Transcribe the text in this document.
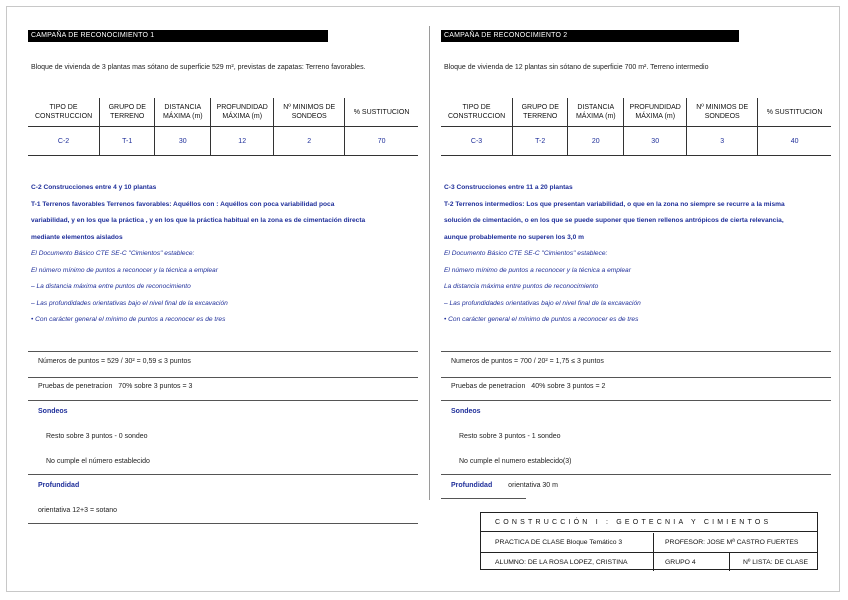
CAMPAÑA DE RECONOCIMIENTO 1
Bloque de vivienda de 3 plantas mas sótano de superficie 529 m², previstas de zapatas: Terreno favorables.
TIPO DE CONSTRUCCION	GRUPO DE TERRENO	DISTANCIA MÁXIMA (m)	PROFUNDIDAD MÁXIMA (m)	Nº MINIMOS DE SONDEOS	% SUSTITUCION
C-2	T-1	30	12	2	70
C-2 Construcciones entre 4 y 10 plantas
T-1 Terrenos favorables Terrenos favorables: Aquéllos con : Aquéllos con poca variabilidad poca
variabilidad, y en los que la práctica , y en los que la práctica habitual en la zona es de cimentación directa
mediante elementos aislados
El Documento Básico CTE SE-C "Cimientos" establece:
El número mínimo de puntos a reconocer y la técnica a emplear
– La distancia máxima entre puntos de reconocimiento
– Las profundidades orientativas bajo el nivel final de la excavación
• Con carácter general el mínimo de puntos a reconocer es de tres
Números de puntos = 529 / 30² = 0,59 ≤ 3 puntos
Pruebas de penetracion 70% sobre 3 puntos = 3
Sondeos
Resto sobre 3 puntos - 0 sondeo
No cumple el número establecido
Profundidad
orientativa 12+3 = sotano
CAMPAÑA DE RECONOCIMIENTO 2
Bloque de vivienda de 12 plantas sin sótano de superficie 700 m². Terreno intermedio
TIPO DE CONSTRUCCION	GRUPO DE TERRENO	DISTANCIA MÁXIMA (m)	PROFUNDIDAD MÁXIMA (m)	Nº MINIMOS DE SONDEOS	% SUSTITUCION
C-3	T-2	20	30	3	40
C-3 Construcciones entre 11 a 20 plantas
T-2 Terrenos intermedios: Los que presentan variabilidad, o que en la zona no siempre se recurre a la misma
solución de cimentación, o en los que se puede suponer que tienen rellenos antrópicos de cierta relevancia,
aunque probablemente no superen los 3,0 m
El Documento Básico CTE SE-C "Cimientos" establece:
El número mínimo de puntos a reconocer y la técnica a emplear
La distancia máxima entre puntos de reconocimiento
– Las profundidades orientativas bajo el nivel final de la excavación
• Con carácter general el mínimo de puntos a reconocer es de tres
Numeros de puntos = 700 / 20² = 1,75 ≤ 3 puntos
Pruebas de penetracion 40% sobre 3 puntos = 2
Sondeos
Resto sobre 3 puntos - 1 sondeo
No cumple el numero establecido(3)
Profundidad orientativa 30 m
CONSTRUCCIÓN I : GEOTECNIA Y CIMIENTOS
PRACTICA DE CLASE Bloque Temático 3	PROFESOR: JOSE Mª CASTRO FUERTES
ALUMNO: DE LA ROSA LOPEZ, CRISTINA	GRUPO 4	Nº LISTA: DE CLASE
